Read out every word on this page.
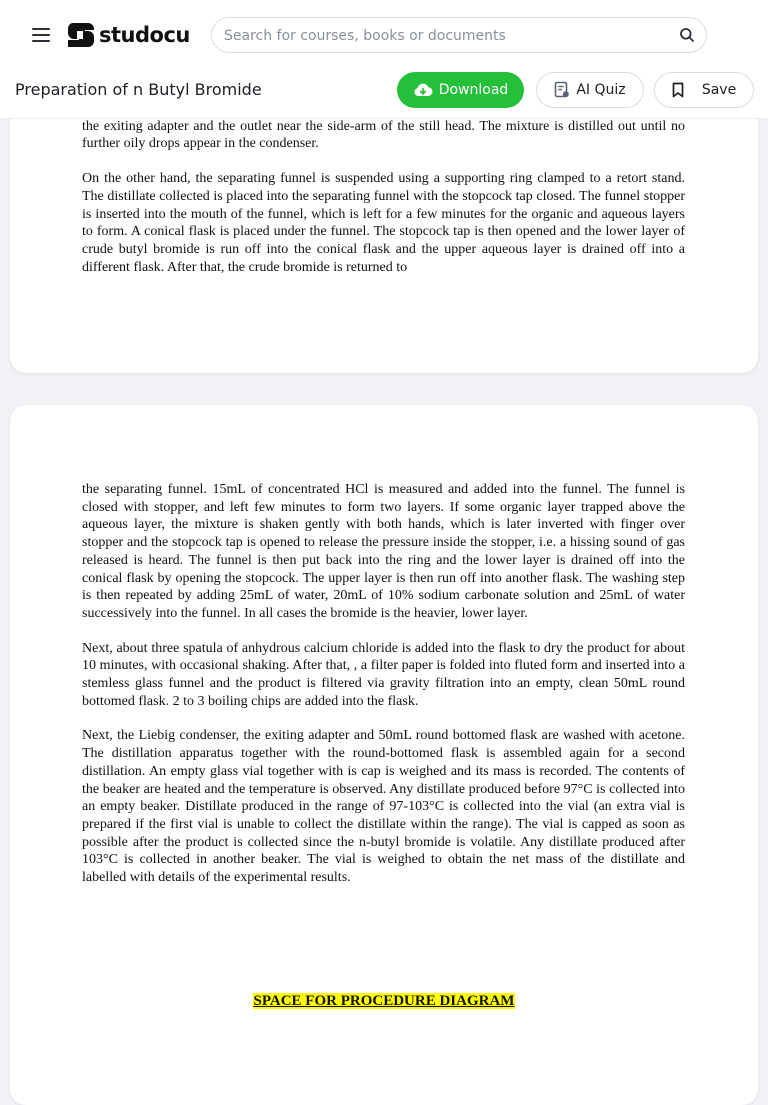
the exiting adapter and the outlet near the side-arm of the still head. The mixture is distilled out until no further oily drops appear in the condenser.

On the other hand, the separating funnel is suspended using a supporting ring clamped to a retort stand. The distillate collected is placed into the separating funnel with the stopcock tap closed. The funnel stopper is inserted into the mouth of the funnel, which is left for a few minutes for the organic and aqueous layers to form. A conical flask is placed under the funnel. The stopcock tap is then opened and the lower layer of crude butyl bromide is run off into the conical flask and the upper aqueous layer is drained off into a different flask. After that, the crude bromide is returned to

the separating funnel. 15mL of concentrated HCl is measured and added into the funnel. The funnel is closed with stopper, and left few minutes to form two layers. If some organic layer trapped above the aqueous layer, the mixture is shaken gently with both hands, which is later inverted with finger over stopper and the stopcock tap is opened to release the pressure inside the stopper, i.e. a hissing sound of gas released is heard. The funnel is then put back into the ring and the lower layer is drained off into the conical flask by opening the stopcock. The upper layer is then run off into another flask. The washing step is then repeated by adding 25mL of water, 20mL of 10% sodium carbonate solution and 25mL of water successively into the funnel. In all cases the bromide is the heavier, lower layer.

Next, about three spatula of anhydrous calcium chloride is added into the flask to dry the product for about 10 minutes, with occasional shaking. After that, , a filter paper is folded into fluted form and inserted into a stemless glass funnel and the product is filtered via gravity filtration into an empty, clean 50mL round bottomed flask. 2 to 3 boiling chips are added into the flask.

Next, the Liebig condenser, the exiting adapter and 50mL round bottomed flask are washed with acetone. The distillation apparatus together with the round-bottomed flask is assembled again for a second distillation. An empty glass vial together with is cap is weighed and its mass is recorded. The contents of the beaker are heated and the temperature is observed. Any distillate produced before 97°C is collected into an empty beaker. Distillate produced in the range of 97-103°C is collected into the vial (an extra vial is prepared if the first vial is unable to collect the distillate within the range). The vial is capped as soon as possible after the product is collected since the n-butyl bromide is volatile. Any distillate produced after 103°C is collected in another beaker. The vial is weighed to obtain the net mass of the distillate and labelled with details of the experimental results.

SPACE FOR PROCEDURE DIAGRAM
studocu
Search for courses, books or documents
Preparation of n Butyl Bromide	Download	AI Quiz	Save
